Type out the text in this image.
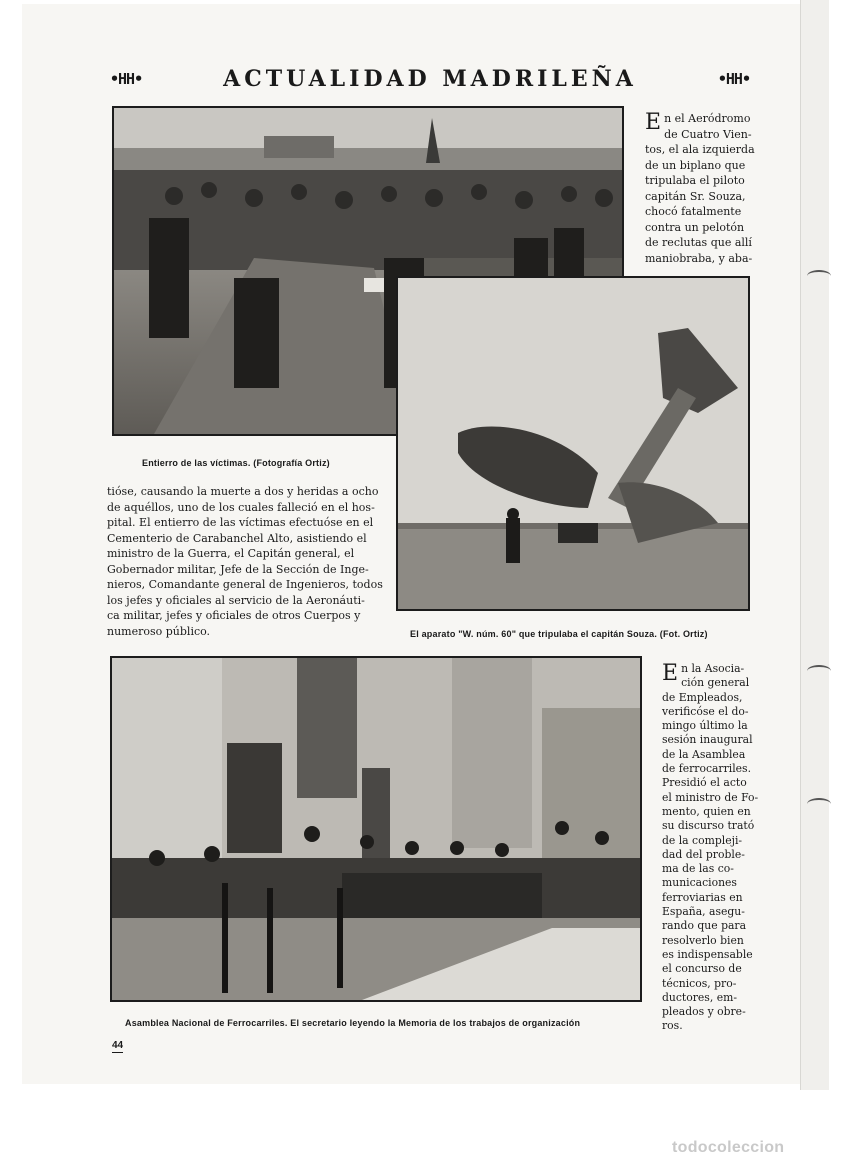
•HH•	ACTUALIDAD MADRILEÑA	•HH•
Entierro de las víctimas. (Fotografía Ortiz)
El aparato "W. núm. 60" que tripulaba el capitán Souza. (Fot. Ortiz)
E n el Aeródromo
de Cuatro Vien-
tos, el ala izquierda
de un biplano que
tripulaba el piloto
capitán Sr. Souza,
chocó fatalmente
contra un pelotón
de reclutas que allí
maniobraba, y aba-
tióse, causando la muerte a dos y heridas a ocho
de aquéllos, uno de los cuales falleció en el hos-
pital. El entierro de las víctimas efectuóse en el
Cementerio de Carabanchel Alto, asistiendo el
ministro de la Guerra, el Capitán general, el
Gobernador militar, Jefe de la Sección de Inge-
nieros, Comandante general de Ingenieros, todos
los jefes y oficiales al servicio de la Aeronáuti-
ca militar, jefes y oficiales de otros Cuerpos y
numeroso público.
Asamblea Nacional de Ferrocarriles. El secretario leyendo la Memoria de los trabajos de organización
E n la Asocia-
ción general
de Empleados,
verificóse el do-
mingo último la
sesión inaugural
de la Asamblea
de ferrocarriles.
Presidió el acto
el ministro de Fo-
mento, quien en
su discurso trató
de la compleji-
dad del proble-
ma de las co-
municaciones
ferroviarias en
España, asegu-
rando que para
resolverlo bien
es indispensable
el concurso de
técnicos, pro-
ductores, em-
pleados y obre-
ros.
44
todocoleccion
